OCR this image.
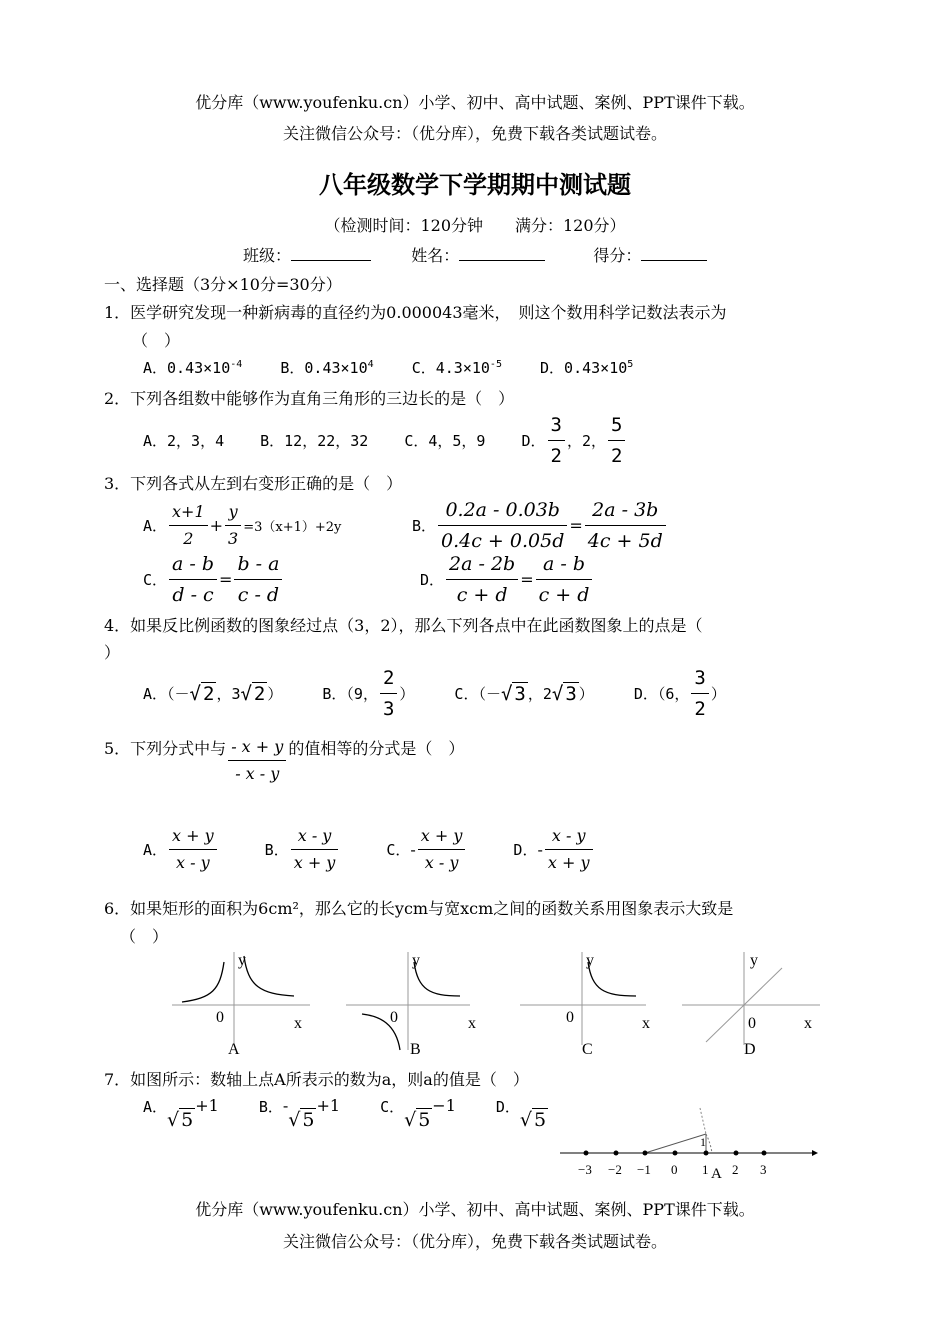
优分库（www.youfenku.cn）小学、初中、高中试题、案例、PPT课件下载。
关注微信公众号：（优分库），免费下载各类试题试卷。
八年级数学下学期期中测试题
（检测时间：120分钟　　满分：120分）
班级：	姓名：	得分：
一、选择题（3分×10分=30分）
1．医学研究发现一种新病毒的直径约为0.000043毫米，　则这个数用科学记数法表示为
（　）
A．$0.43\times 10^{-4}$	B．$0.43\times 10^4$	C．$4.3\times 10^{-5}$	D．$0.43\times 10^5$
2．下列各组数中能够作为直角三角形的三边长的是（　）
A．2，3，4 B．12，22，32 C．4，5，9 D． $\frac{3}{2}$ ，2， $\frac{5}{2}$
3．下列各式从左到右变形正确的是（　）
A． $\frac{x+1}{2} + \frac{y}{3} =3(x+1)+2y$	B． $\frac{0.2a - 0.03b}{0.4c + 0.05d} = \frac{2a - 3b}{4c + 5d}$
C． $\frac{a - b}{d - c} = \frac{b - a}{c - d}$	D． $\frac{2a - 2b}{c + d} = \frac{a - b}{c + d}$
4．如果反比例函数的图象经过点（3，2），那么下列各点中在此函数图象上的点是（
）
A．（－ √ 2 ，3 √ 2 ）	B．（9， $\frac{2}{3}$ ）	C．（－ √ 3 ，2 √ 3 ）	D．（6， $\frac{3}{2}$ ）
5．下列分式中与 $\frac{- x + y}{- x - y}$ 的值相等的分式是（　）
A． $\frac{x + y}{x - y}$	B． $\frac{x - y}{x + y}$	C． - $\frac{x + y}{x - y}$	D． - $\frac{x - y}{x + y}$
6．如果矩形的面积为6cm²，那么它的长ycm与宽xcm之间的函数关系用图象表示大致是
（　）
y
0	x
A
y
0	x
B
y
0	x
C
y
0	x
D
7．如图所示：数轴上点A所表示的数为a，则a的值是（　）
A．
√ 5
+1	B． -
√ 5
+1	C．
√ 5
−1	D．
√ 5
−3 −2 −1 0 1 2 3
1
A
优分库（www.youfenku.cn）小学、初中、高中试题、案例、PPT课件下载。
关注微信公众号：（优分库），免费下载各类试题试卷。
